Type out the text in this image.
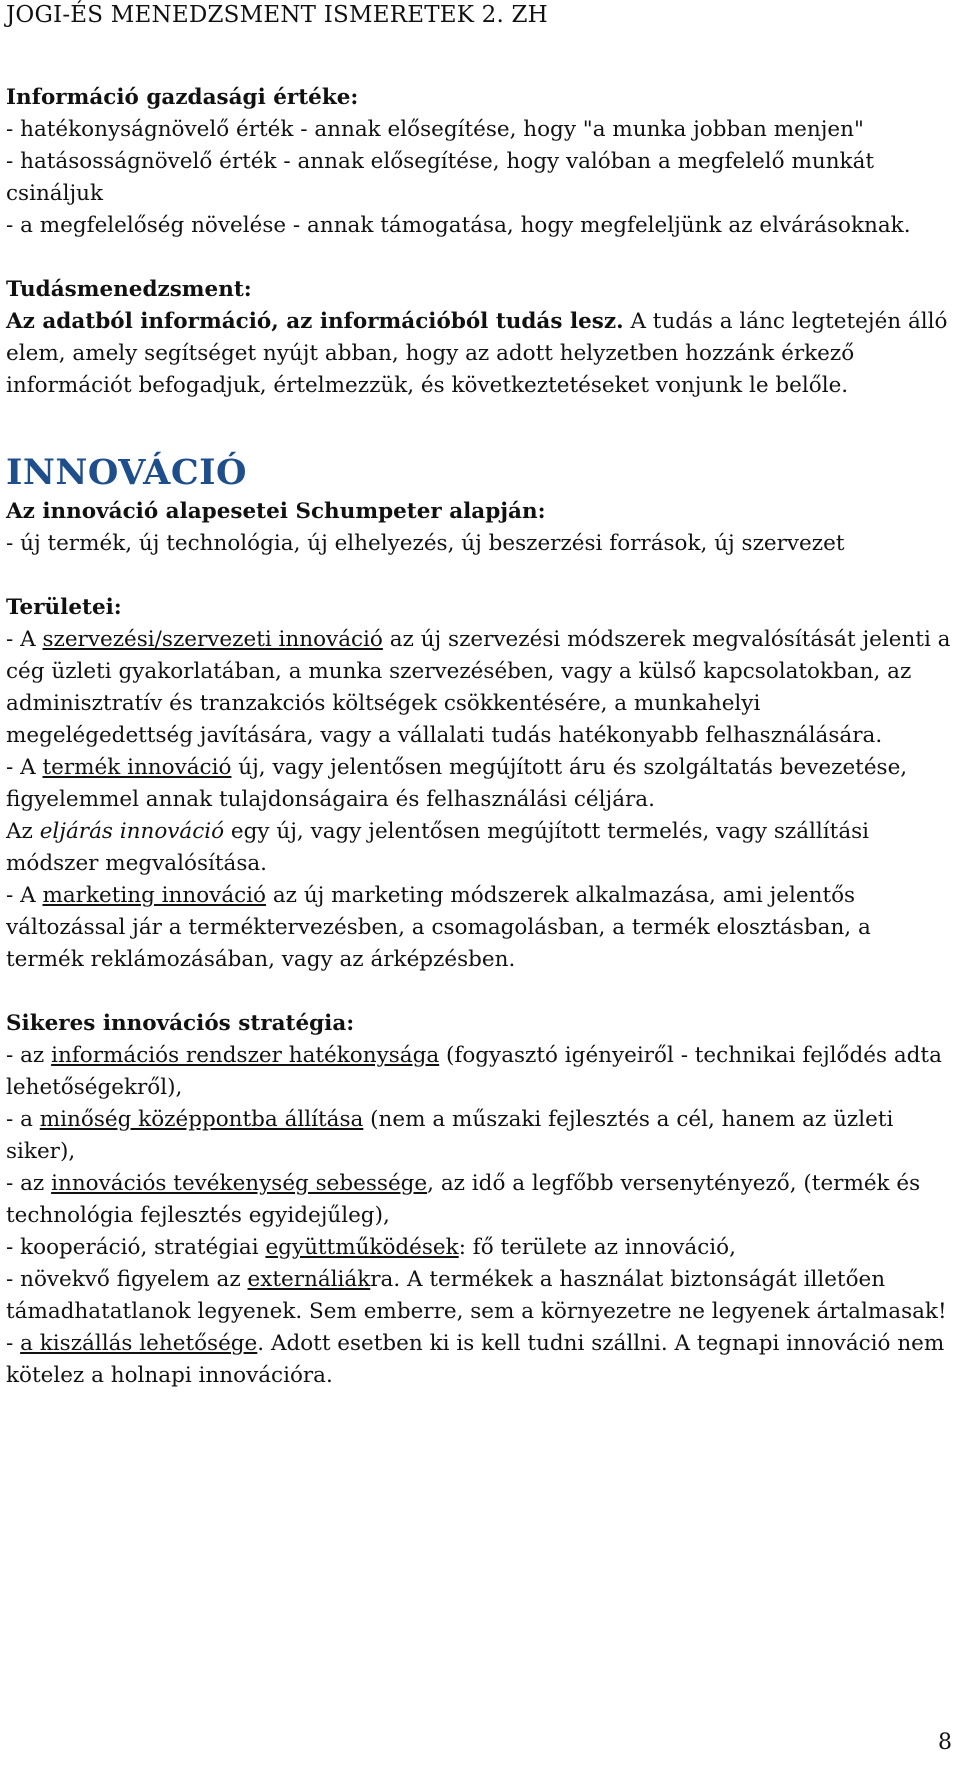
JOGI-ÉS MENEDZSMENT ISMERETEK 2. ZH

Információ gazdasági értéke:

- hatékonyságnövelő érték - annak elősegítése, hogy "a munka jobban menjen"

- hatásosságnövelő érték - annak elősegítése, hogy valóban a megfelelő munkát csináljuk

- a megfelelőség növelése - annak támogatása, hogy megfeleljünk az elvárásoknak.

Tudásmenedzsment:

Az adatból információ, az információból tudás lesz. A tudás a lánc legtetején álló elem, amely segítséget nyújt abban, hogy az adott helyzetben hozzánk érkező információt befogadjuk, értelmezzük, és következtetéseket vonjunk le belőle.

INNOVÁCIÓ

Az innováció alapesetei Schumpeter alapján:

- új termék, új technológia, új elhelyezés, új beszerzési források, új szervezet

Területei:

- A szervezési/szervezeti innováció az új szervezési módszerek megvalósítását jelenti a cég üzleti gyakorlatában, a munka szervezésében, vagy a külső kapcsolatokban, az adminisztratív és tranzakciós költségek csökkentésére, a munkahelyi megelégedettség javítására, vagy a vállalati tudás hatékonyabb felhasználására.

- A termék innováció új, vagy jelentősen megújított áru és szolgáltatás bevezetése, figyelemmel annak tulajdonságaira és felhasználási céljára.

Az eljárás innováció egy új, vagy jelentősen megújított termelés, vagy szállítási módszer megvalósítása.

- A marketing innováció az új marketing módszerek alkalmazása, ami jelentős változással jár a terméktervezésben, a csomagolásban, a termék elosztásban, a termék reklámozásában, vagy az árképzésben.

Sikeres innovációs stratégia:

- az információs rendszer hatékonysága (fogyasztó igényeiről - technikai fejlődés adta lehetőségekről),

- a minőség középpontba állítása (nem a műszaki fejlesztés a cél, hanem az üzleti siker),

- az innovációs tevékenység sebessége, az idő a legfőbb versenytényező, (termék és technológia fejlesztés egyidejűleg),

- kooperáció, stratégiai együttműködések: fő területe az innováció,

- növekvő figyelem az externáliákra. A termékek a használat biztonságát illetően támadhatatlanok legyenek. Sem emberre, sem a környezetre ne legyenek ártalmasak!

- a kiszállás lehetősége. Adott esetben ki is kell tudni szállni. A tegnapi innováció nem kötelez a holnapi innovációra.

8
